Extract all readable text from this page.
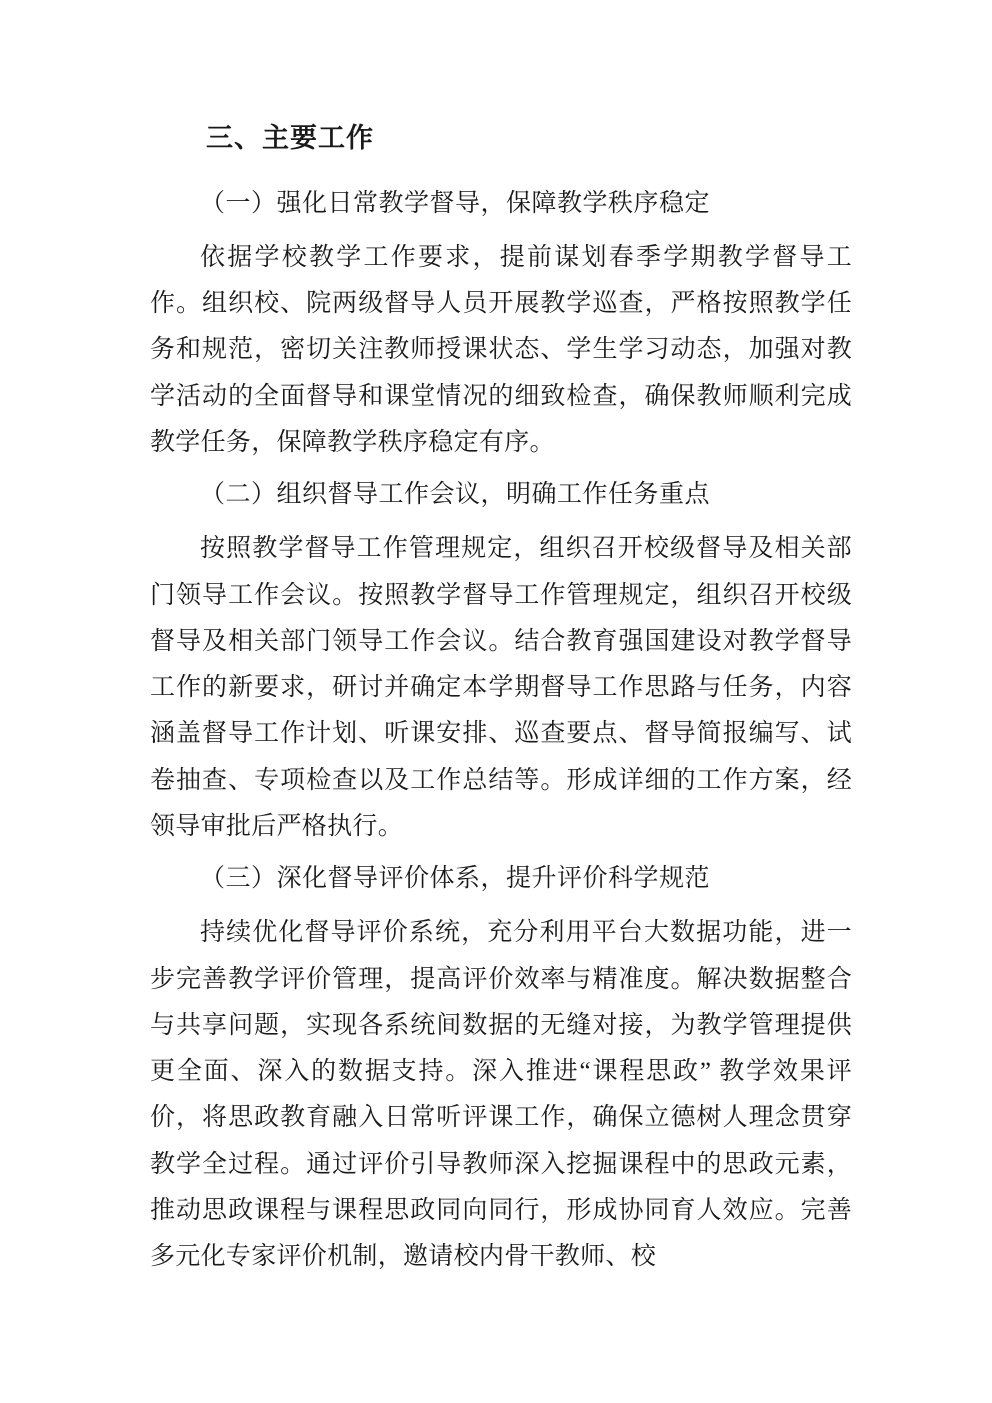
三、主要工作

（一）强化日常教学督导，保障教学秩序稳定

依据学校教学工作要求，提前谋划春季学期教学督导工作。组织校、院两级督导人员开展教学巡查，严格按照教学任务和规范，密切关注教师授课状态、学生学习动态，加强对教学活动的全面督导和课堂情况的细致检查，确保教师顺利完成教学任务，保障教学秩序稳定有序。

（二）组织督导工作会议，明确工作任务重点

按照教学督导工作管理规定，组织召开校级督导及相关部门领导工作会议。按照教学督导工作管理规定，组织召开校级督导及相关部门领导工作会议。结合教育强国建设对教学督导工作的新要求，研讨并确定本学期督导工作思路与任务，内容涵盖督导工作计划、听课安排、巡查要点、督导简报编写、试卷抽查、专项检查以及工作总结等。形成详细的工作方案，经领导审批后严格执行。

（三）深化督导评价体系，提升评价科学规范

持续优化督导评价系统，充分利用平台大数据功能，进一步完善教学评价管理，提高评价效率与精准度。解决数据整合与共享问题，实现各系统间数据的无缝对接，为教学管理提供更全面、深入的数据支持。深入推进“课程思政” 教学效果评价，将思政教育融入日常听评课工作，确保立德树人理念贯穿教学全过程。通过评价引导教师深入挖掘课程中的思政元素，推动思政课程与课程思政同向同行，形成协同育人效应。完善多元化专家评价机制，邀请校内骨干教师、校
